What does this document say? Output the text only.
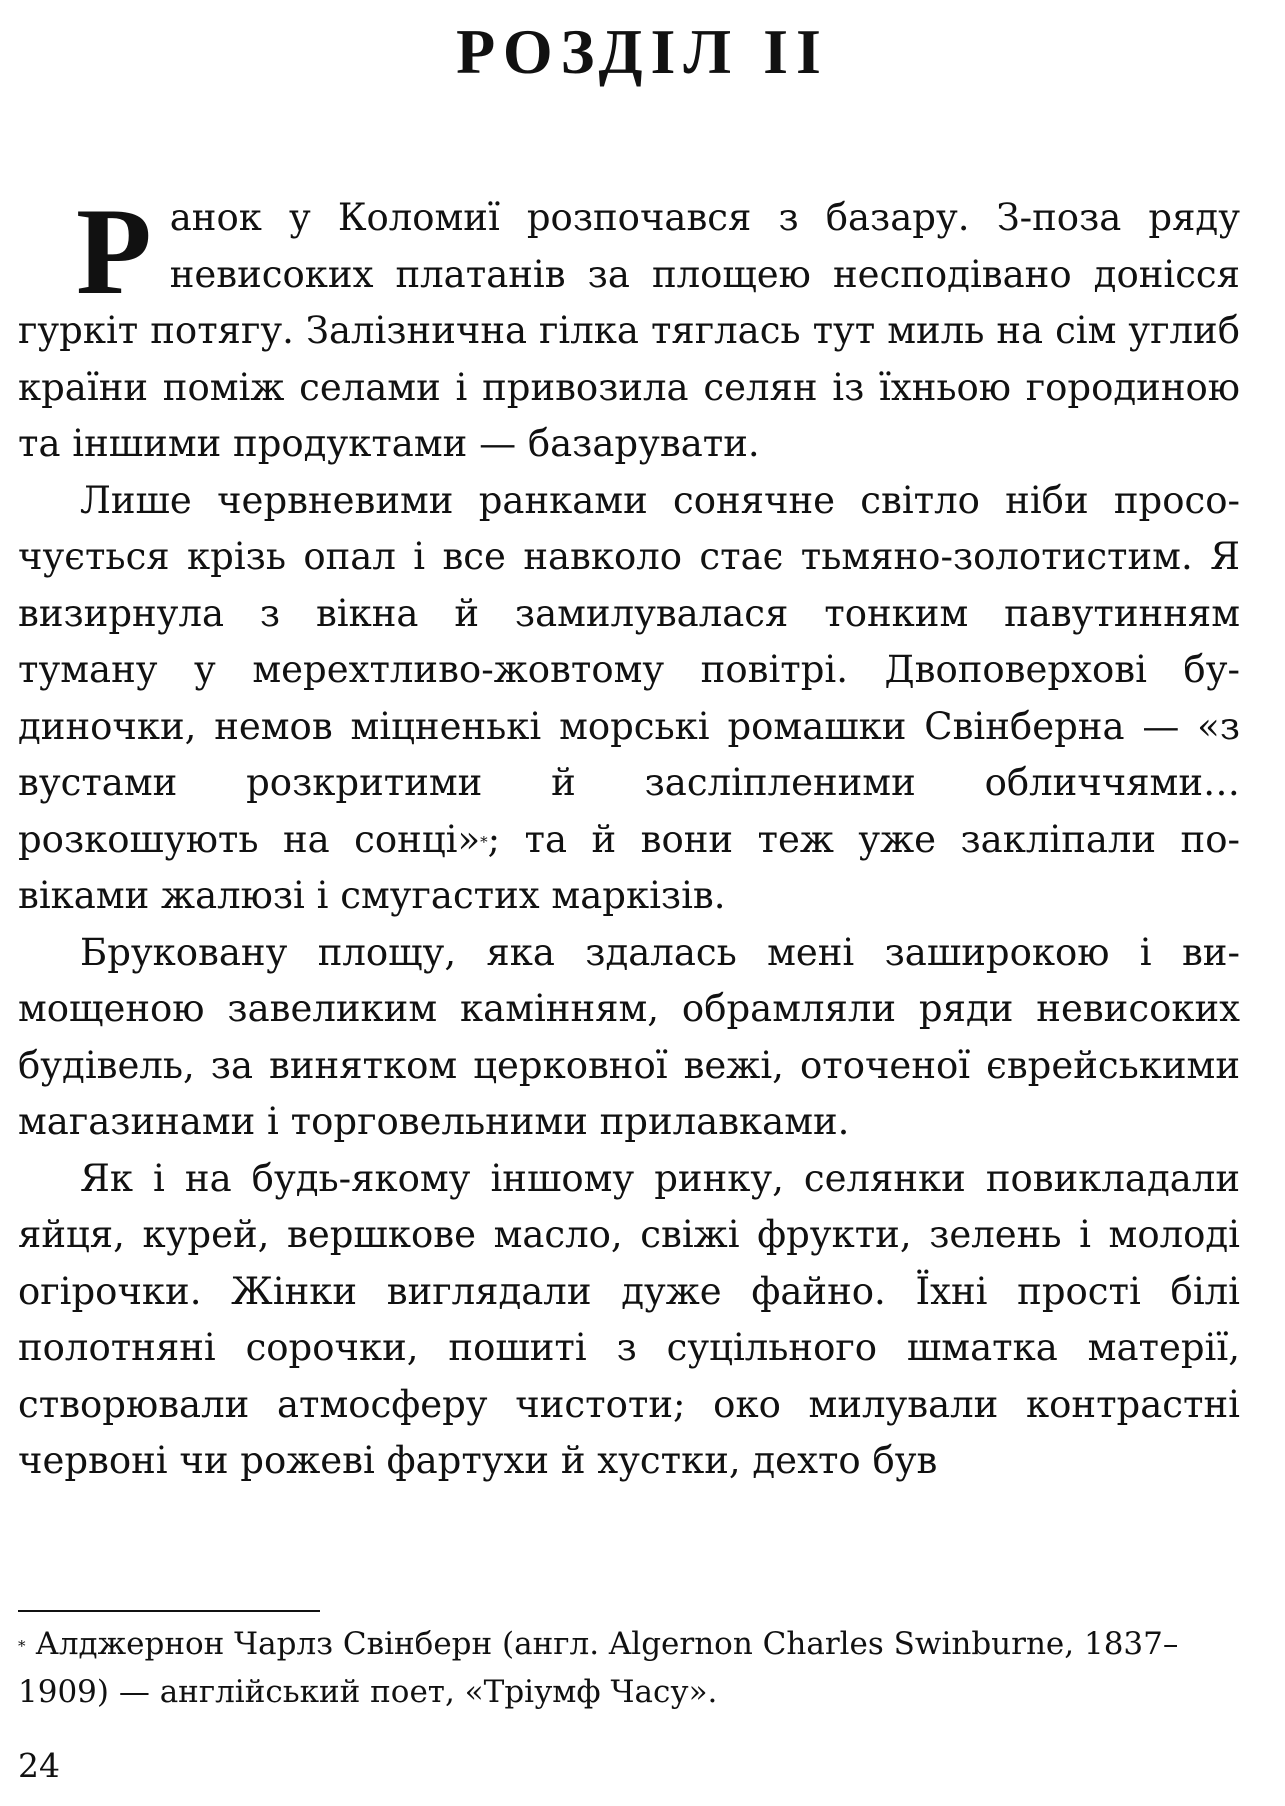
РОЗДІЛ II

Ранок у Коломиї розпочався з базару. З-поза ряду невисоких платанів за площею несподівано донісся гуркіт потягу. Залізнична гілка тяглась тут миль на сім углиб країни поміж селами і привозила селян із їхньою городиною та іншими продуктами — базарувати.

Лише червневими ранками сонячне світло ніби просочується крізь опал і все навколо стає тьмяно-золотистим. Я визирнула з вікна й замилувалася тонким павутинням туману у мерехтливо-жовтому повітрі. Двоповерхові будиночки, немов міцненькі морські ромашки Свінберна — «з вустами розкритими й засліпленими обличчями… розкошують на сонці»*; та й вони теж уже закліпали повіками жалюзі і смугастих маркізів.

Бруковану площу, яка здалась мені заширокою і вимощеною завеликим камінням, обрамляли ряди невисоких будівель, за винятком церковної вежі, оточеної єврейськими магазинами і торговельними прилавками.

Як і на будь-якому іншому ринку, селянки повикладали яйця, курей, вершкове масло, свіжі фрукти, зелень і молоді огірочки. Жінки виглядали дуже файно. Їхні прості білі полотняні сорочки, пошиті з суцільного шматка матерії, створювали атмосферу чистоти; око милували контрастні червоні чи рожеві фартухи й хустки, дехто був

* Алджернон Чарлз Свінберн (англ. Algernon Charles Swinburne, 1837–1909) — англійський поет, «Тріумф Часу».

24
